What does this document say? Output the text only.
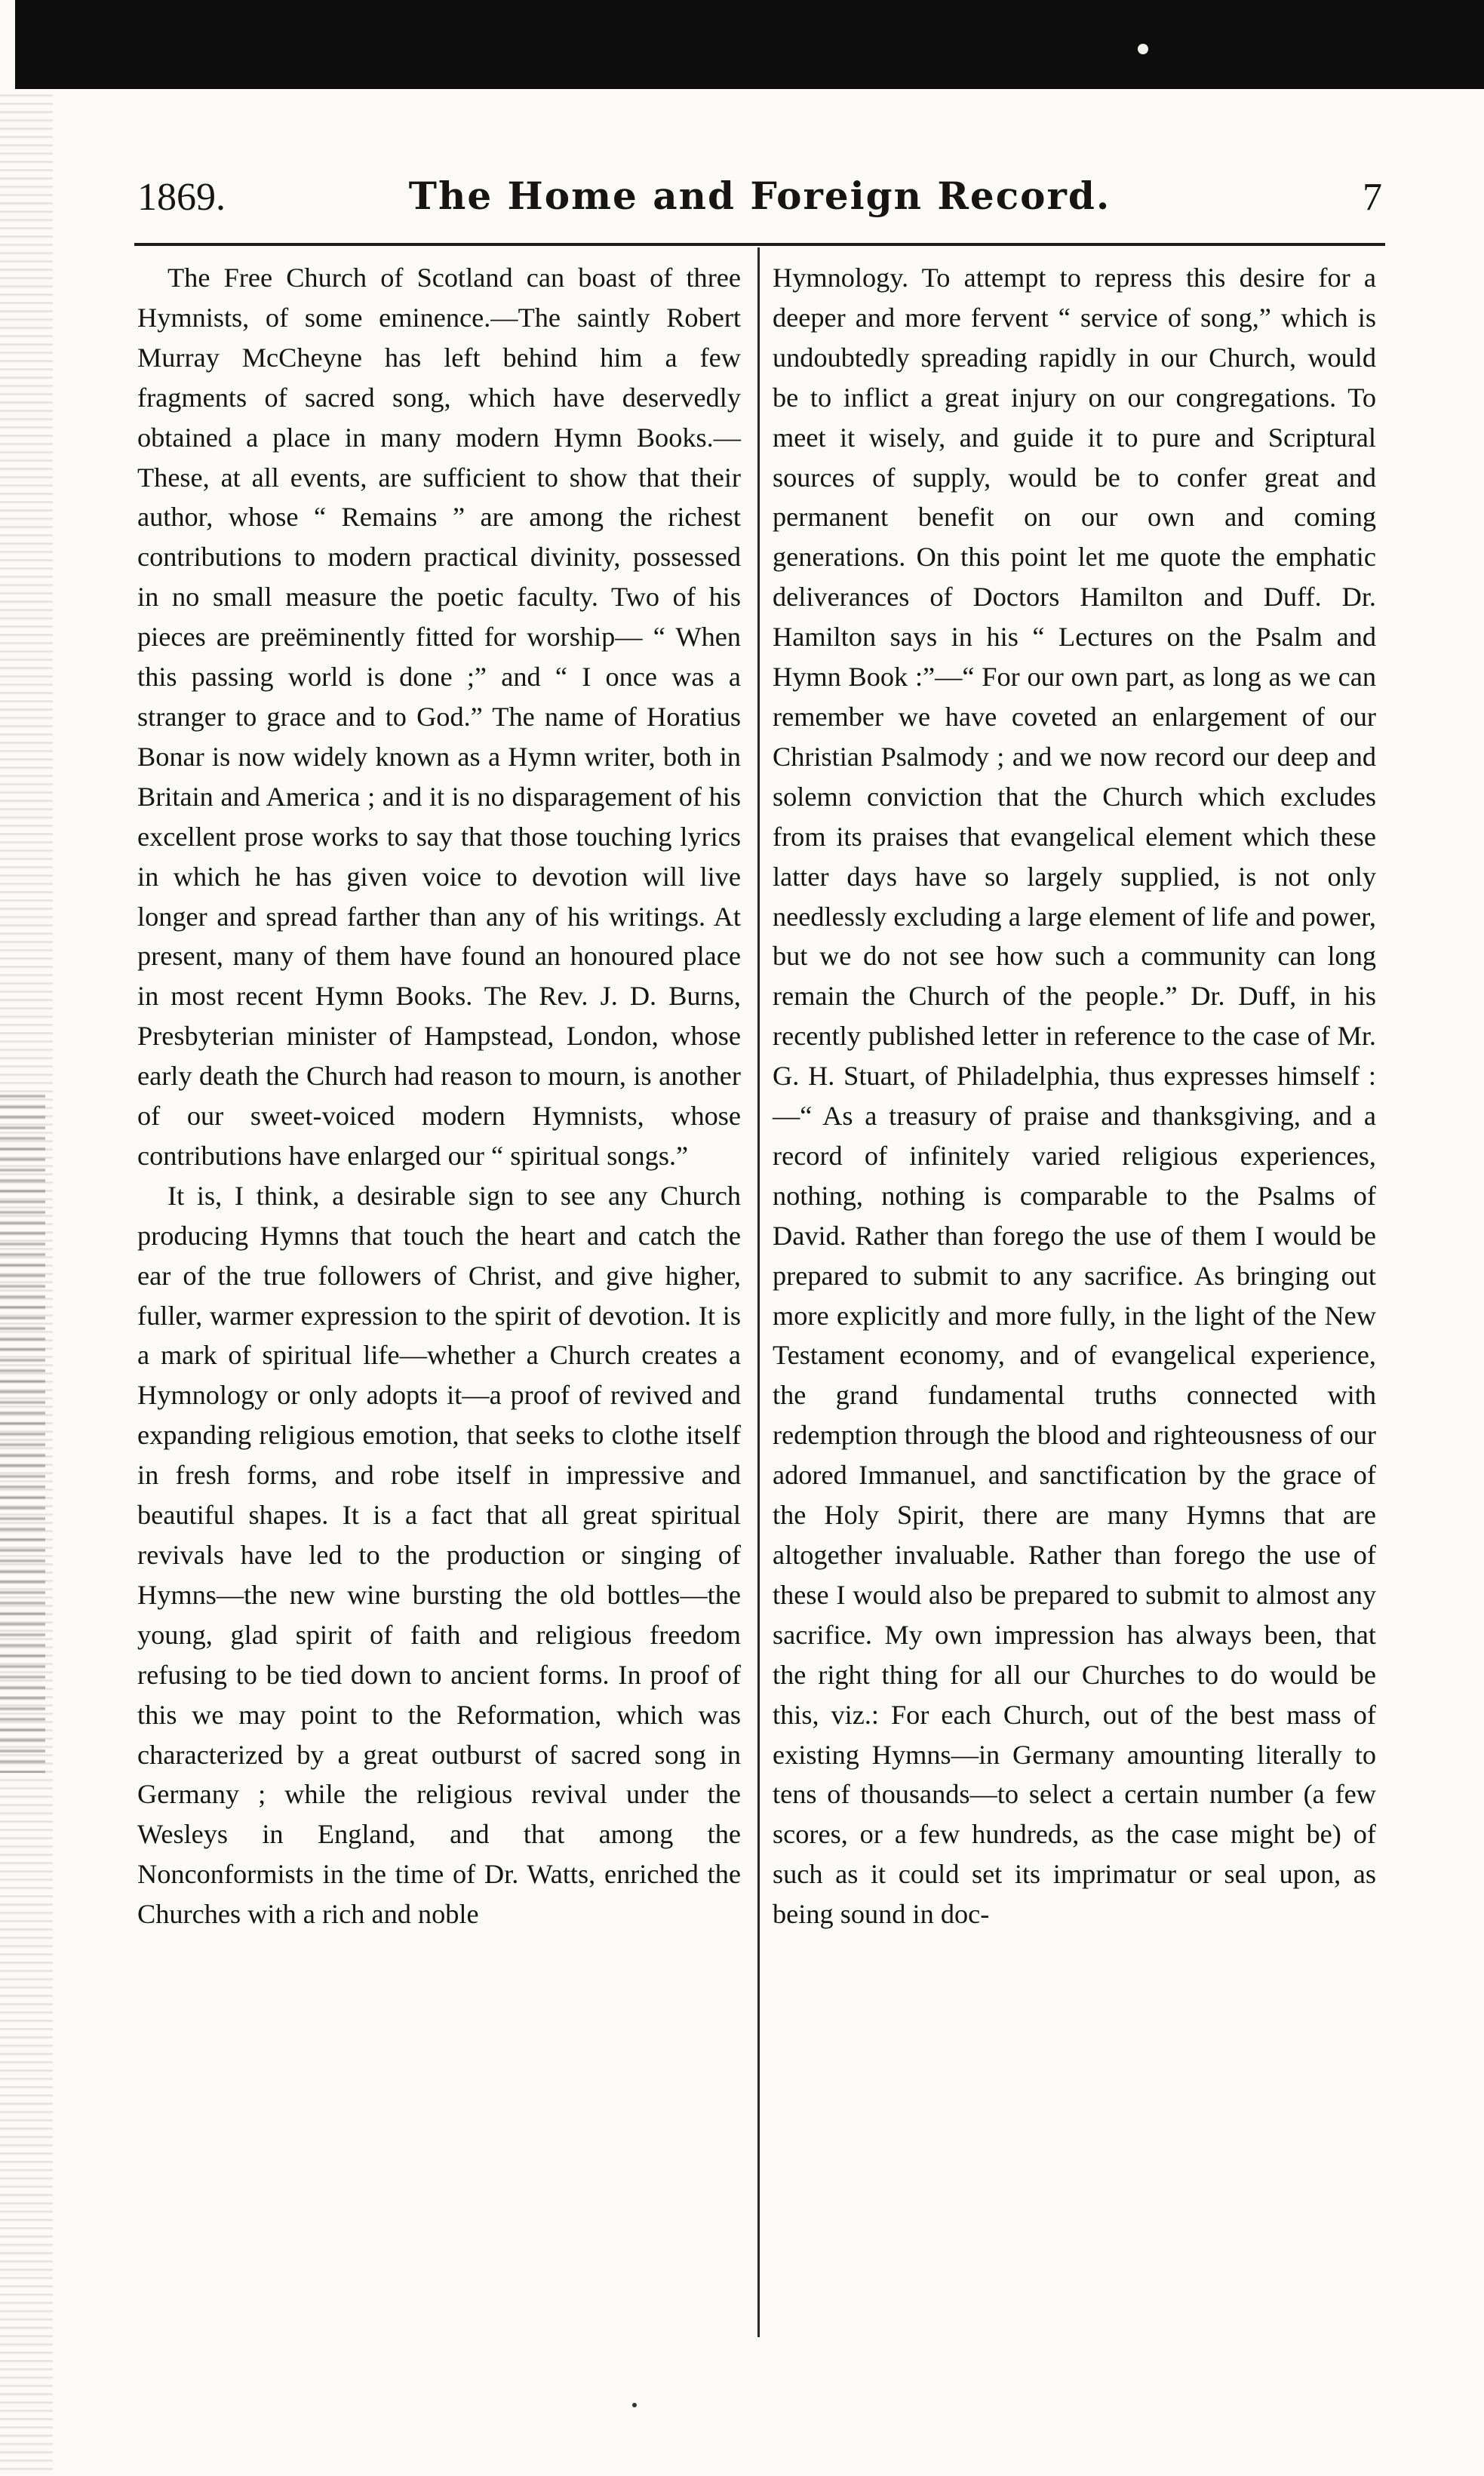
1869.	The Home and Foreign Record.	7

The Free Church of Scotland can boast of three Hymnists, of some eminence.—The saintly Robert Murray McCheyne has left behind him a few fragments of sacred song, which have deservedly obtained a place in many modern Hymn Books.—These, at all events, are sufficient to show that their author, whose “ Remains ” are among the richest contributions to modern practical divinity, possessed in no small measure the poetic faculty. Two of his pieces are preëminently fitted for worship— “ When this passing world is done ;” and “ I once was a stranger to grace and to God.” The name of Horatius Bonar is now widely known as a Hymn writer, both in Britain and America ; and it is no disparagement of his excellent prose works to say that those touching lyrics in which he has given voice to devotion will live longer and spread farther than any of his writings. At present, many of them have found an honoured place in most recent Hymn Books. The Rev. J. D. Burns, Presbyterian minister of Hampstead, London, whose early death the Church had reason to mourn, is another of our sweet-voiced modern Hymnists, whose contributions have enlarged our “ spiritual songs.”

It is, I think, a desirable sign to see any Church producing Hymns that touch the heart and catch the ear of the true followers of Christ, and give higher, fuller, warmer expression to the spirit of devotion. It is a mark of spiritual life—whether a Church creates a Hymnology or only adopts it—a proof of revived and expanding religious emotion, that seeks to clothe itself in fresh forms, and robe itself in impressive and beautiful shapes. It is a fact that all great spiritual revivals have led to the production or singing of Hymns—the new wine bursting the old bottles—the young, glad spirit of faith and religious freedom refusing to be tied down to ancient forms. In proof of this we may point to the Reformation, which was characterized by a great outburst of sacred song in Germany ; while the religious revival under the Wesleys in England, and that among the Nonconformists in the time of Dr. Watts, enriched the Churches with a rich and noble

Hymnology. To attempt to repress this desire for a deeper and more fervent “ service of song,” which is undoubtedly spreading rapidly in our Church, would be to inflict a great injury on our congregations. To meet it wisely, and guide it to pure and Scriptural sources of supply, would be to confer great and permanent benefit on our own and coming generations. On this point let me quote the emphatic deliverances of Doctors Hamilton and Duff. Dr. Hamilton says in his “ Lectures on the Psalm and Hymn Book :”—“ For our own part, as long as we can remember we have coveted an enlargement of our Christian Psalmody ; and we now record our deep and solemn conviction that the Church which excludes from its praises that evangelical element which these latter days have so largely supplied, is not only needlessly excluding a large element of life and power, but we do not see how such a community can long remain the Church of the people.” Dr. Duff, in his recently published letter in reference to the case of Mr. G. H. Stuart, of Philadelphia, thus expresses himself :—“ As a treasury of praise and thanksgiving, and a record of infinitely varied religious experiences, nothing, nothing is comparable to the Psalms of David. Rather than forego the use of them I would be prepared to submit to any sacrifice. As bringing out more explicitly and more fully, in the light of the New Testament economy, and of evangelical experience, the grand fundamental truths connected with redemption through the blood and righteousness of our adored Immanuel, and sanctification by the grace of the Holy Spirit, there are many Hymns that are altogether invaluable. Rather than forego the use of these I would also be prepared to submit to almost any sacrifice. My own impression has always been, that the right thing for all our Churches to do would be this, viz.: For each Church, out of the best mass of existing Hymns—in Germany amounting literally to tens of thousands—to select a certain number (a few scores, or a few hundreds, as the case might be) of such as it could set its imprimatur or seal upon, as being sound in doc-
